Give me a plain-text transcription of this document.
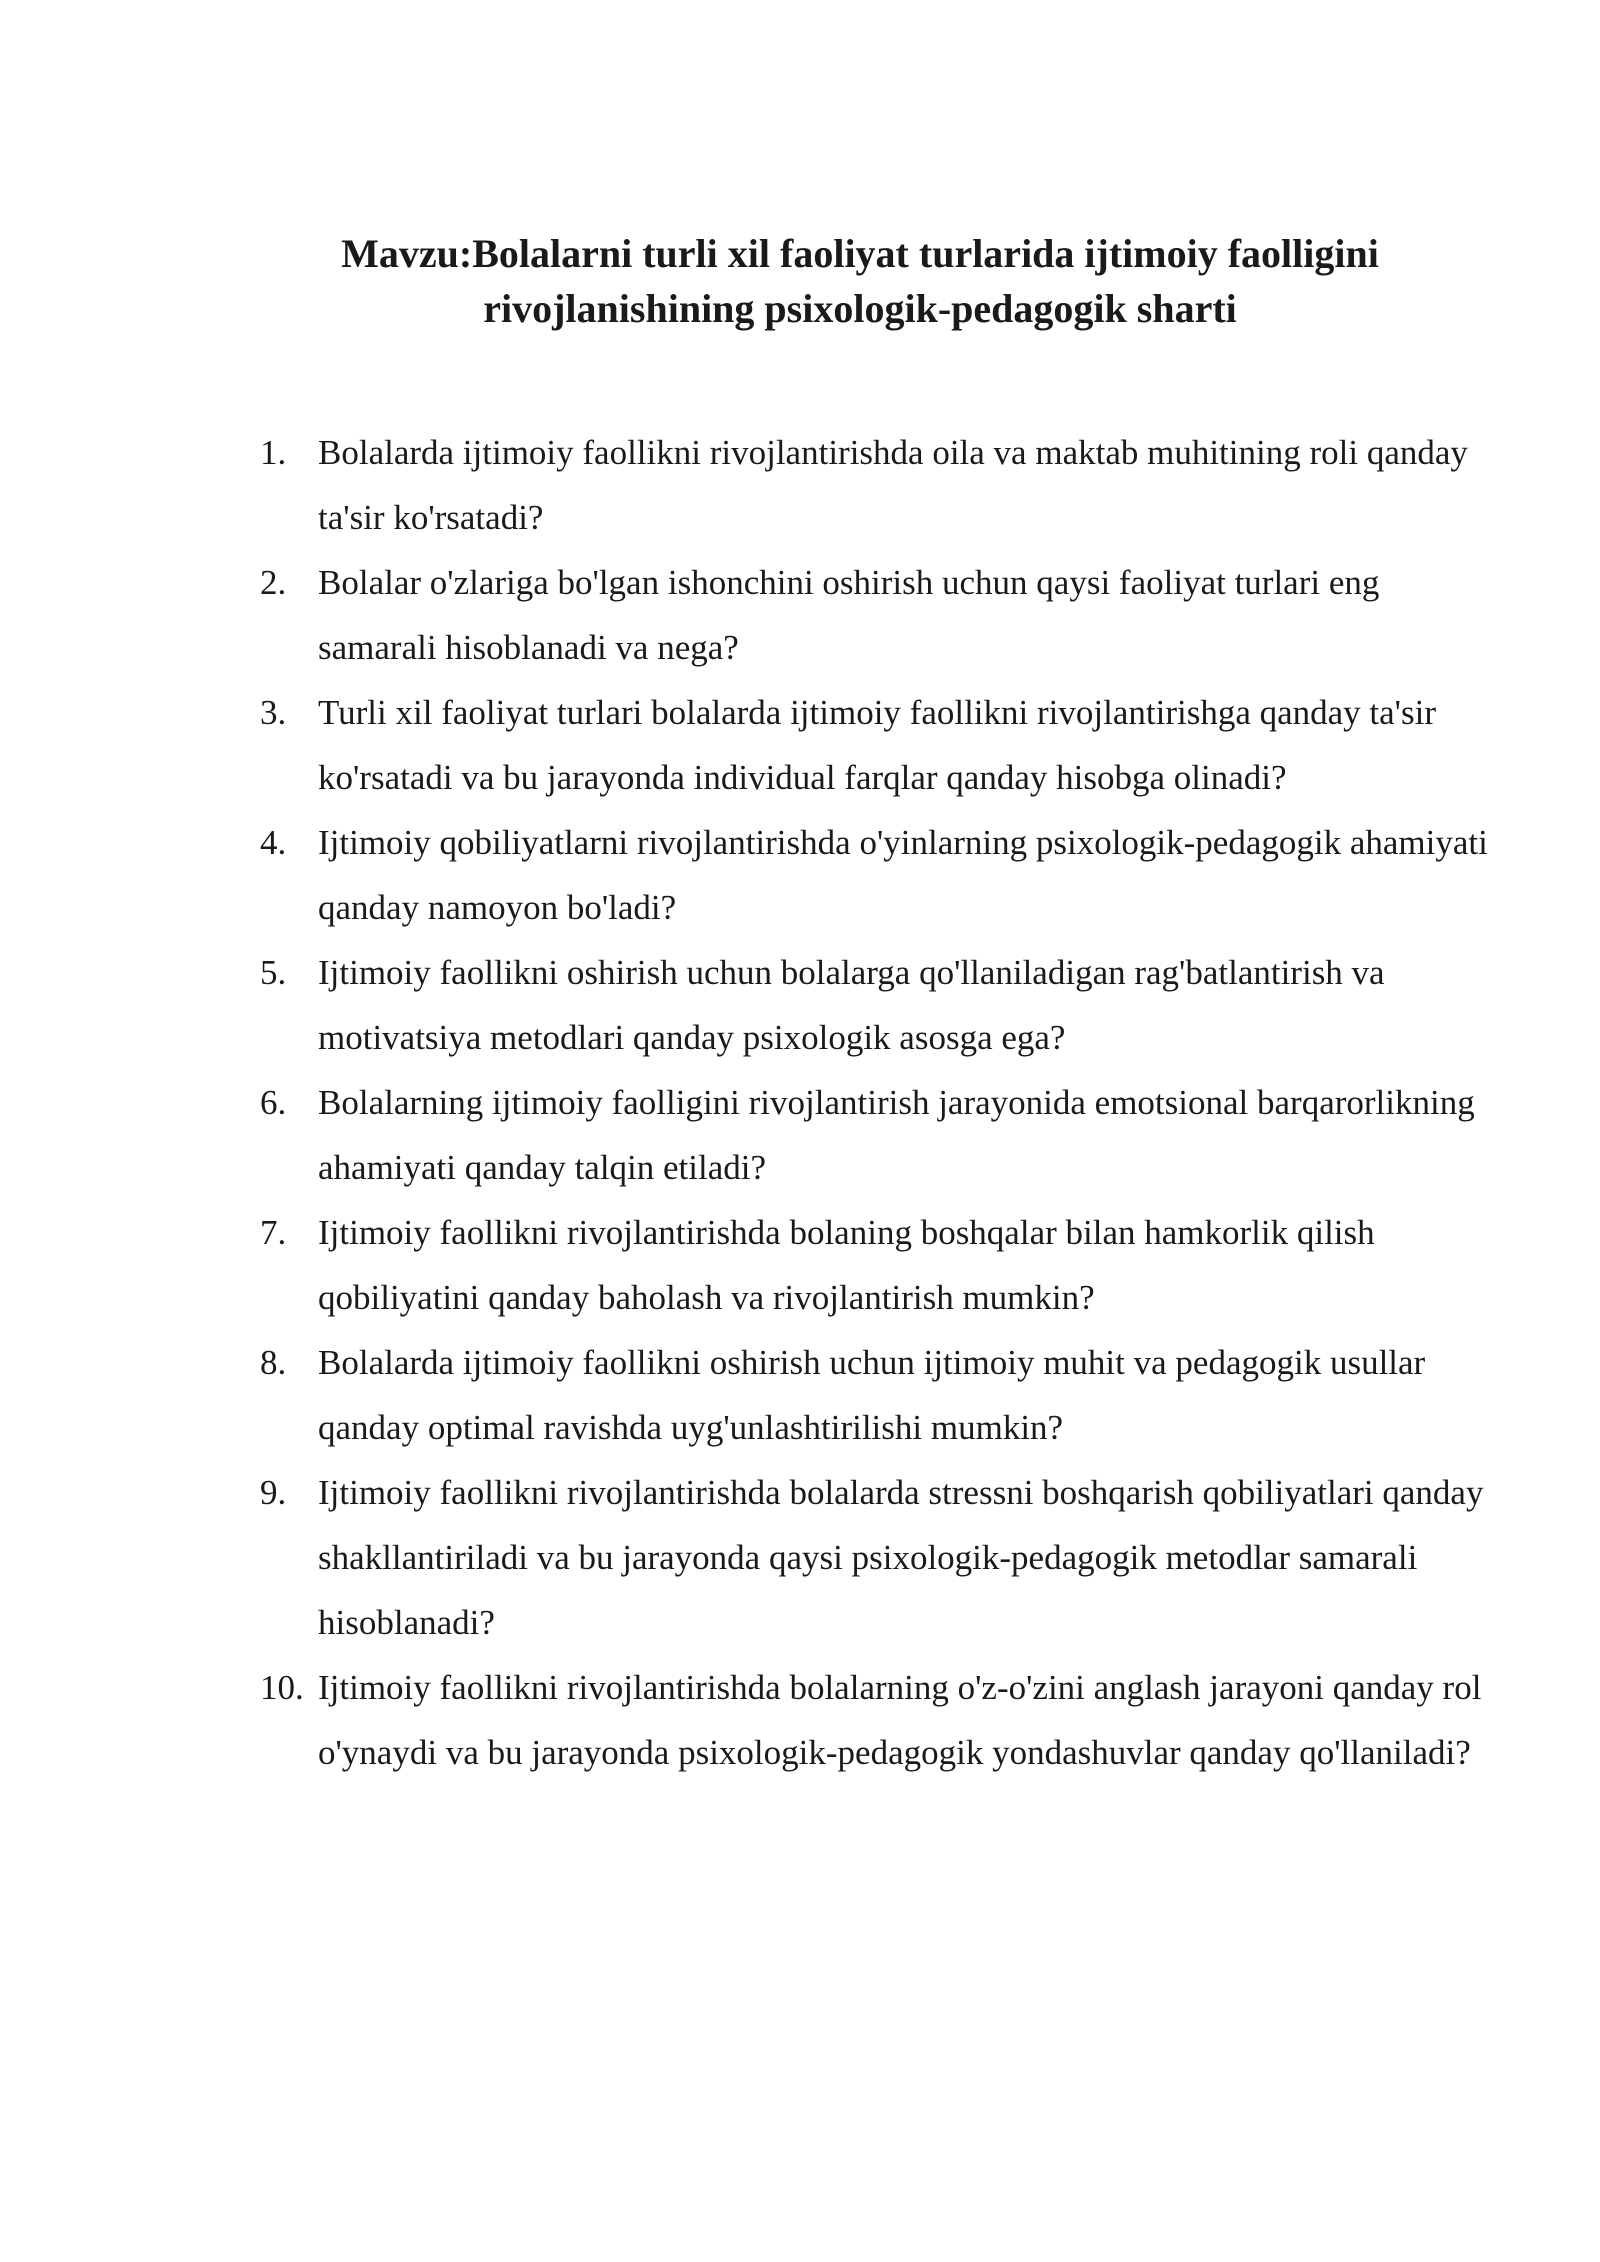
Mavzu:Bolalarni turli xil faoliyat turlarida ijtimoiy faolligini
rivojlanishining psixologik-pedagogik sharti
1. Bolalarda ijtimoiy faollikni rivojlantirishda oila va maktab muhitining roli qanday ta'sir ko'rsatadi?
2. Bolalar o'zlariga bo'lgan ishonchini oshirish uchun qaysi faoliyat turlari eng samarali hisoblanadi va nega?
3. Turli xil faoliyat turlari bolalarda ijtimoiy faollikni rivojlantirishga qanday ta'sir ko'rsatadi va bu jarayonda individual farqlar qanday hisobga olinadi?
4. Ijtimoiy qobiliyatlarni rivojlantirishda o'yinlarning psixologik-pedagogik ahamiyati qanday namoyon bo'ladi?
5. Ijtimoiy faollikni oshirish uchun bolalarga qo'llaniladigan rag'batlantirish va motivatsiya metodlari qanday psixologik asosga ega?
6. Bolalarning ijtimoiy faolligini rivojlantirish jarayonida emotsional barqarorlikning ahamiyati qanday talqin etiladi?
7. Ijtimoiy faollikni rivojlantirishda bolaning boshqalar bilan hamkorlik qilish qobiliyatini qanday baholash va rivojlantirish mumkin?
8. Bolalarda ijtimoiy faollikni oshirish uchun ijtimoiy muhit va pedagogik usullar qanday optimal ravishda uyg'unlashtirilishi mumkin?
9. Ijtimoiy faollikni rivojlantirishda bolalarda stressni boshqarish qobiliyatlari qanday shakllantiriladi va bu jarayonda qaysi psixologik-pedagogik metodlar samarali hisoblanadi?
10. Ijtimoiy faollikni rivojlantirishda bolalarning o'z-o'zini anglash jarayoni qanday rol o'ynaydi va bu jarayonda psixologik-pedagogik yondashuvlar qanday qo'llaniladi?
